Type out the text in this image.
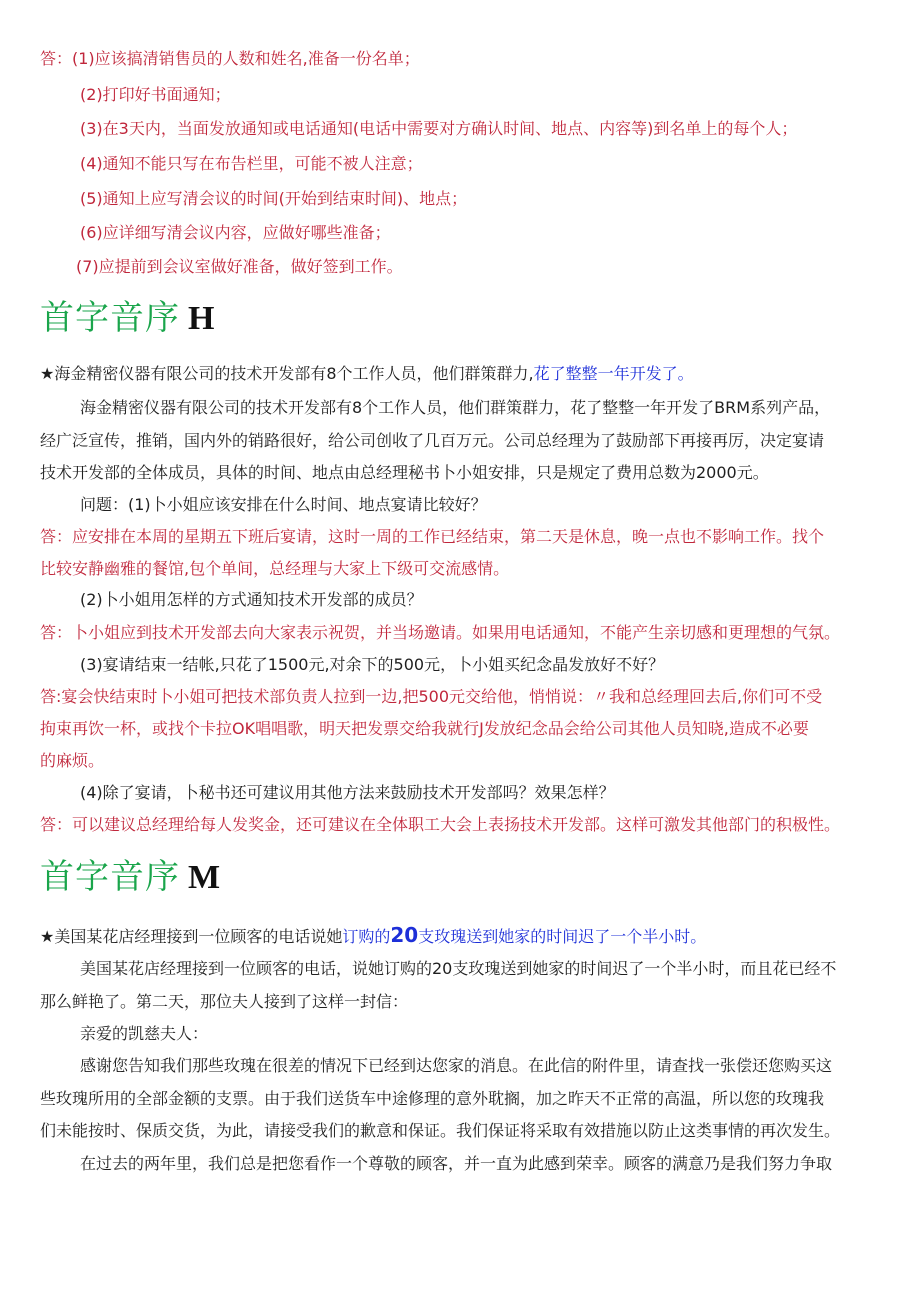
答：(1)应该搞清销售员的人数和姓名,准备一份名单；
(2)打印好书面通知；
(3)在3天内，当面发放通知或电话通知(电话中需要对方确认时间、地点、内容等)到名单上的每个人；
(4)通知不能只写在布告栏里，可能不被人注意；
(5)通知上应写清会议的时间(开始到结束时间)、地点；
(6)应详细写清会议内容，应做好哪些准备；
(7)应提前到会议室做好准备，做好签到工作。
首字音序 H
★海金精密仪器有限公司的技术开发部有8个工作人员，他们群策群力,花了整整一年开发了。
海金精密仪器有限公司的技术开发部有8个工作人员，他们群策群力，花了整整一年开发了BRM系列产品，
经广泛宣传，推销，国内外的销路很好，给公司创收了几百万元。公司总经理为了鼓励部下再接再厉，决定宴请
技术开发部的全体成员，具体的时间、地点由总经理秘书卜小姐安排，只是规定了费用总数为2000元。
问题：(1)卜小姐应该安排在什么时间、地点宴请比较好？
答：应安排在本周的星期五下班后宴请，这时一周的工作已经结束，第二天是休息，晚一点也不影响工作。找个
比较安静幽雅的餐馆,包个单间，总经理与大家上下级可交流感情。
(2)卜小姐用怎样的方式通知技术开发部的成员？
答：卜小姐应到技术开发部去向大家表示祝贺，并当场邀请。如果用电话通知，不能产生亲切感和更理想的气氛。
(3)宴请结束一结帐,只花了1500元,对余下的500元，卜小姐买纪念晶发放好不好？
答:宴会快结束时卜小姐可把技术部负责人拉到一边,把500元交给他，悄悄说：〃我和总经理回去后,你们可不受
拘束再饮一杯，或找个卡拉OK唱唱歌，明天把发票交给我就行J发放纪念品会给公司其他人员知晓,造成不必要
的麻烦。
(4)除了宴请，卜秘书还可建议用其他方法来鼓励技术开发部吗？效果怎样？
答：可以建议总经理给每人发奖金，还可建议在全体职工大会上表扬技术开发部。这样可激发其他部门的积极性。
首字音序 M
★美国某花店经理接到一位顾客的电话说她订购的20支玫瑰送到她家的时间迟了一个半小时。
美国某花店经理接到一位顾客的电话，说她订购的20支玫瑰送到她家的时间迟了一个半小时，而且花已经不
那么鲜艳了。第二天，那位夫人接到了这样一封信：
亲爱的凯慈夫人：
感谢您告知我们那些玫瑰在很差的情况下已经到达您家的消息。在此信的附件里，请查找一张偿还您购买这
些玫瑰所用的全部金额的支票。由于我们送货车中途修理的意外耽搁，加之昨天不正常的高温，所以您的玫瑰我
们未能按时、保质交货，为此，请接受我们的歉意和保证。我们保证将采取有效措施以防止这类事情的再次发生。
在过去的两年里，我们总是把您看作一个尊敬的顾客，并一直为此感到荣幸。顾客的满意乃是我们努力争取
